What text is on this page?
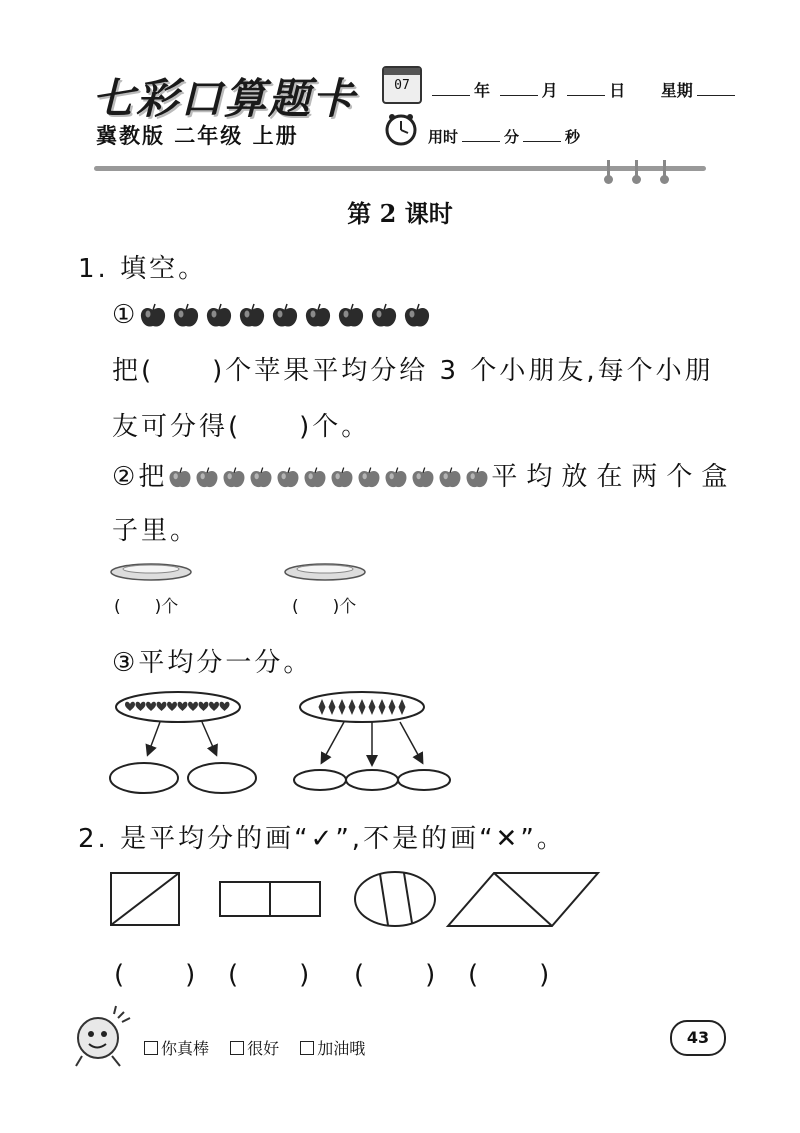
七彩口算题卡
冀教版 二年级 上册
07	年	月	日 星期
用时	分	秒
第 2 课时
1. 填空。
①
把(　　)个苹果平均分给 3 个小朋友,每个小朋
友可分得(　　)个。
②把	平均放在两个盒
子里。
(　　)个	(　　)个
③平均分一分。
2. 是平均分的画“✓”,不是的画“✕”。
(　　) (　　) (　　) (　　)
你真棒 很好 加油哦
43
